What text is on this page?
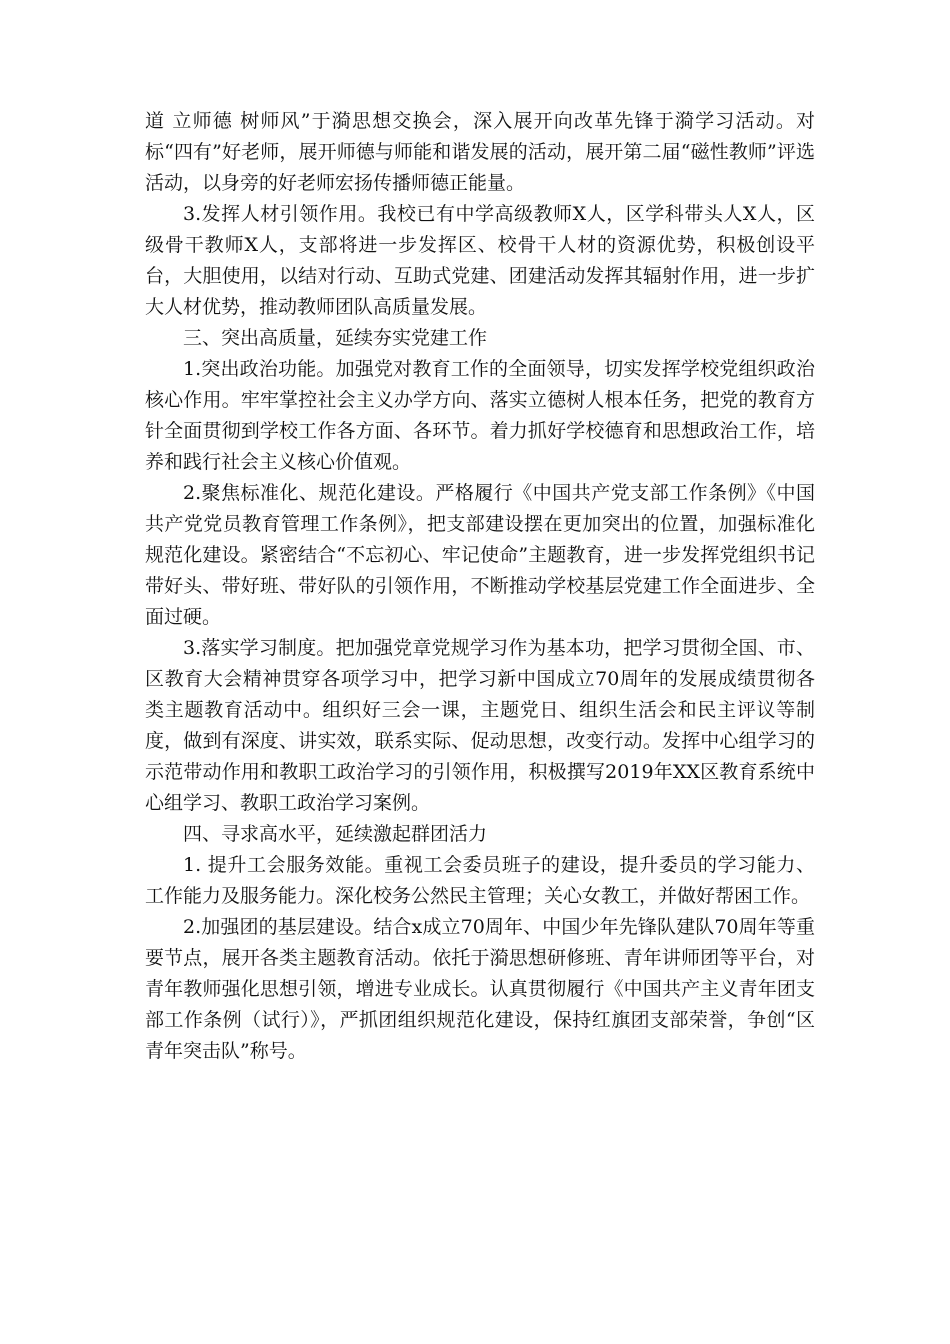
道 立师德 树师风”于漪思想交换会，深入展开向改革先锋于漪学习活动。对标“四有”好老师，展开师德与师能和谐发展的活动，展开第二届“磁性教师”评选活动，以身旁的好老师宏扬传播师德正能量。

3.发挥人材引领作用。我校已有中学高级教师X人，区学科带头人X人，区级骨干教师X人，支部将进一步发挥区、校骨干人材的资源优势，积极创设平台，大胆使用，以结对行动、互助式党建、团建活动发挥其辐射作用，进一步扩大人材优势，推动教师团队高质量发展。

三、突出高质量，延续夯实党建工作

1.突出政治功能。加强党对教育工作的全面领导，切实发挥学校党组织政治核心作用。牢牢掌控社会主义办学方向、落实立德树人根本任务，把党的教育方针全面贯彻到学校工作各方面、各环节。着力抓好学校德育和思想政治工作，培养和践行社会主义核心价值观。

2.聚焦标准化、规范化建设。严格履行《中国共产党支部工作条例》《中国共产党党员教育管理工作条例》，把支部建设摆在更加突出的位置，加强标准化规范化建设。紧密结合“不忘初心、牢记使命”主题教育，进一步发挥党组织书记带好头、带好班、带好队的引领作用，不断推动学校基层党建工作全面进步、全面过硬。

3.落实学习制度。把加强党章党规学习作为基本功，把学习贯彻全国、市、区教育大会精神贯穿各项学习中，把学习新中国成立70周年的发展成绩贯彻各类主题教育活动中。组织好三会一课，主题党日、组织生活会和民主评议等制度，做到有深度、讲实效，联系实际、促动思想，改变行动。发挥中心组学习的示范带动作用和教职工政治学习的引领作用，积极撰写2019年XX区教育系统中心组学习、教职工政治学习案例。

四、寻求高水平，延续激起群团活力

1. 提升工会服务效能。重视工会委员班子的建设，提升委员的学习能力、工作能力及服务能力。深化校务公然民主管理；关心女教工，并做好帮困工作。

2.加强团的基层建设。结合x成立70周年、中国少年先锋队建队70周年等重要节点，展开各类主题教育活动。依托于漪思想研修班、青年讲师团等平台，对青年教师强化思想引领，增进专业成长。认真贯彻履行《中国共产主义青年团支部工作条例（试行）》，严抓团组织规范化建设，保持红旗团支部荣誉，争创“区青年突击队”称号。
